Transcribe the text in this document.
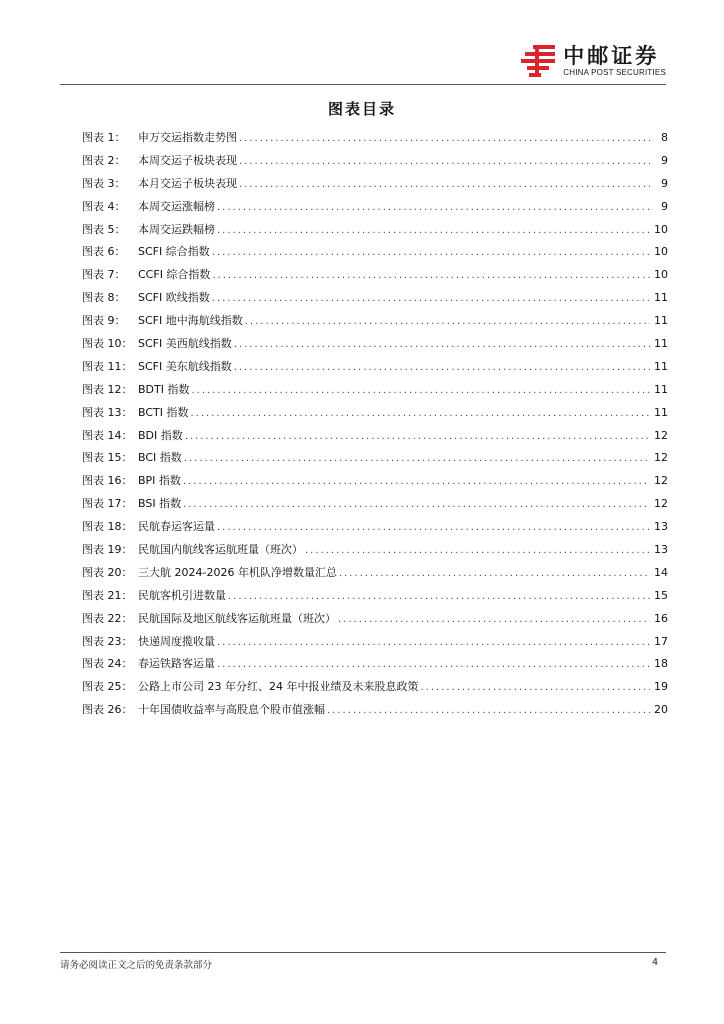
中邮证券
CHINA POST SECURITIES
图表目录
图表 1：	申万交运指数走势图 .....	8
图表 2：	本周交运子板块表现 .....	9
图表 3：	本月交运子板块表现 .....	9
图表 4：	本周交运涨幅榜 .....	9
图表 5：	本周交运跌幅榜 .....	10
图表 6：	SCFI 综合指数 .....	10
图表 7：	CCFI 综合指数 .....	10
图表 8：	SCFI 欧线指数 .....	11
图表 9：	SCFI 地中海航线指数 .....	11
图表 10： SCFI 美西航线指数 .....	11
图表 11： SCFI 美东航线指数 .....	11
图表 12： BDTI 指数 .....	11
图表 13： BCTI 指数 .....	11
图表 14： BDI 指数 .....	12
图表 15： BCI 指数 .....	12
图表 16： BPI 指数 .....	12
图表 17： BSI 指数 .....	12
图表 18： 民航春运客运量 .....	13
图表 19： 民航国内航线客运航班量（班次） .....	13
图表 20： 三大航 2024-2026 年机队净增数量汇总 .....	14
图表 21： 民航客机引进数量 .....	15
图表 22： 民航国际及地区航线客运航班量（班次） .....	16
图表 23： 快递周度揽收量 .....	17
图表 24： 春运铁路客运量 .....	18
图表 25： 公路上市公司 23 年分红、24 年中报业绩及未来股息政策 .....	19
图表 26： 十年国债收益率与高股息个股市值涨幅 .....	20
请务必阅读正文之后的免责条款部分	4
